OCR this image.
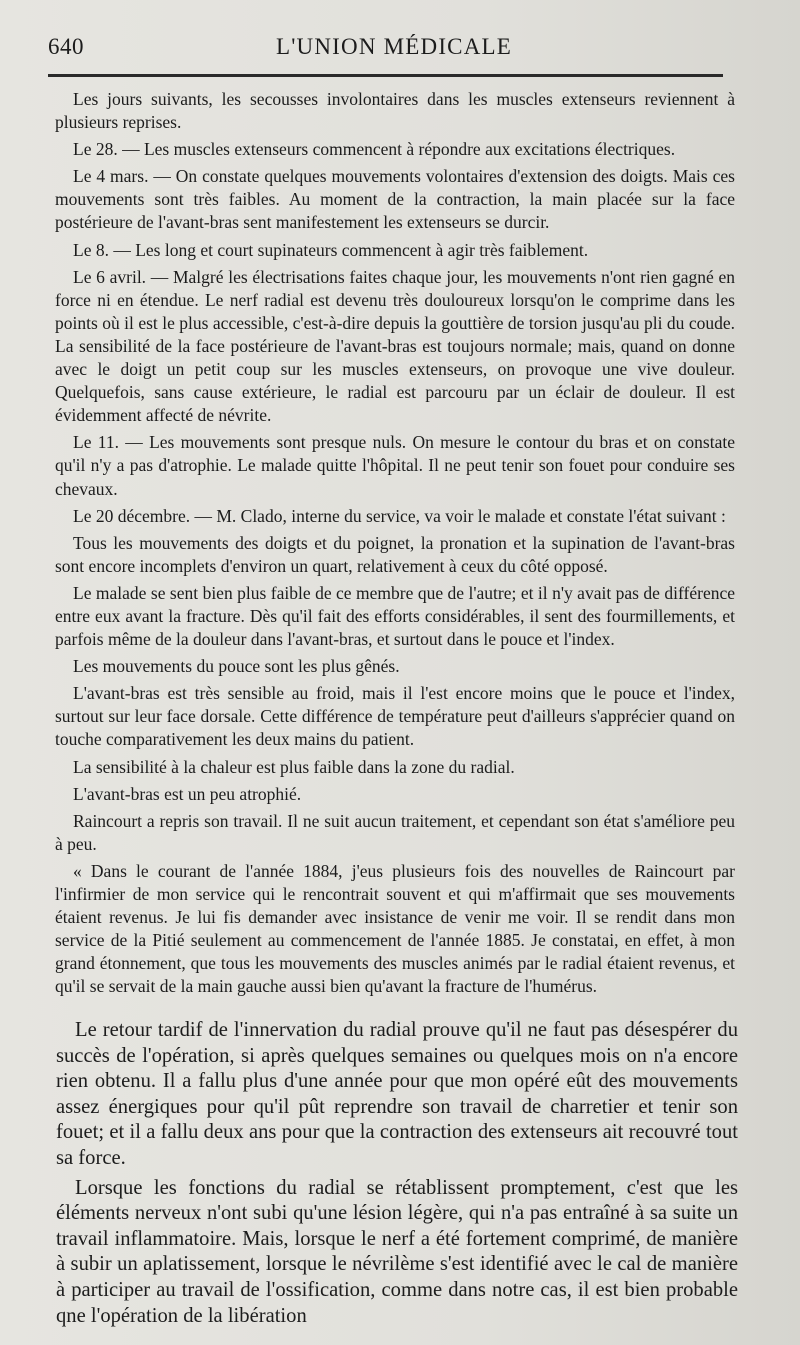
640	L'UNION MÉDICALE

Les jours suivants, les secousses involontaires dans les muscles extenseurs reviennent à plusieurs reprises.

Le 28. — Les muscles extenseurs commencent à répondre aux excitations électriques.

Le 4 mars. — On constate quelques mouvements volontaires d'extension des doigts. Mais ces mouvements sont très faibles. Au moment de la contraction, la main placée sur la face postérieure de l'avant-bras sent manifestement les extenseurs se durcir.

Le 8. — Les long et court supinateurs commencent à agir très faiblement.

Le 6 avril. — Malgré les électrisations faites chaque jour, les mouvements n'ont rien gagné en force ni en étendue. Le nerf radial est devenu très douloureux lorsqu'on le comprime dans les points où il est le plus accessible, c'est-à-dire depuis la gouttière de torsion jusqu'au pli du coude. La sensibilité de la face postérieure de l'avant-bras est toujours normale; mais, quand on donne avec le doigt un petit coup sur les muscles extenseurs, on provoque une vive douleur. Quelquefois, sans cause extérieure, le radial est parcouru par un éclair de douleur. Il est évidemment affecté de névrite.

Le 11. — Les mouvements sont presque nuls. On mesure le contour du bras et on constate qu'il n'y a pas d'atrophie. Le malade quitte l'hôpital. Il ne peut tenir son fouet pour conduire ses chevaux.

Le 20 décembre. — M. Clado, interne du service, va voir le malade et constate l'état suivant :

Tous les mouvements des doigts et du poignet, la pronation et la supination de l'avant-bras sont encore incomplets d'environ un quart, relativement à ceux du côté opposé.

Le malade se sent bien plus faible de ce membre que de l'autre; et il n'y avait pas de différence entre eux avant la fracture. Dès qu'il fait des efforts considérables, il sent des fourmillements, et parfois même de la douleur dans l'avant-bras, et surtout dans le pouce et l'index.

Les mouvements du pouce sont les plus gênés.

L'avant-bras est très sensible au froid, mais il l'est encore moins que le pouce et l'index, surtout sur leur face dorsale. Cette différence de température peut d'ailleurs s'apprécier quand on touche comparativement les deux mains du patient.

La sensibilité à la chaleur est plus faible dans la zone du radial.

L'avant-bras est un peu atrophié.

Raincourt a repris son travail. Il ne suit aucun traitement, et cependant son état s'améliore peu à peu.

« Dans le courant de l'année 1884, j'eus plusieurs fois des nouvelles de Raincourt par l'infirmier de mon service qui le rencontrait souvent et qui m'affirmait que ses mouvements étaient revenus. Je lui fis demander avec insistance de venir me voir. Il se rendit dans mon service de la Pitié seulement au commencement de l'année 1885. Je constatai, en effet, à mon grand étonnement, que tous les mouvements des muscles animés par le radial étaient revenus, et qu'il se servait de la main gauche aussi bien qu'avant la fracture de l'humérus.

Le retour tardif de l'innervation du radial prouve qu'il ne faut pas désespérer du succès de l'opération, si après quelques semaines ou quelques mois on n'a encore rien obtenu. Il a fallu plus d'une année pour que mon opéré eût des mouvements assez énergiques pour qu'il pût reprendre son travail de charretier et tenir son fouet; et il a fallu deux ans pour que la contraction des extenseurs ait recouvré tout sa force.

Lorsque les fonctions du radial se rétablissent promptement, c'est que les éléments nerveux n'ont subi qu'une lésion légère, qui n'a pas entraîné à sa suite un travail inflammatoire. Mais, lorsque le nerf a été fortement comprimé, de manière à subir un aplatissement, lorsque le névrilème s'est identifié avec le cal de manière à participer au travail de l'ossification, comme dans notre cas, il est bien probable qne l'opération de la libération
